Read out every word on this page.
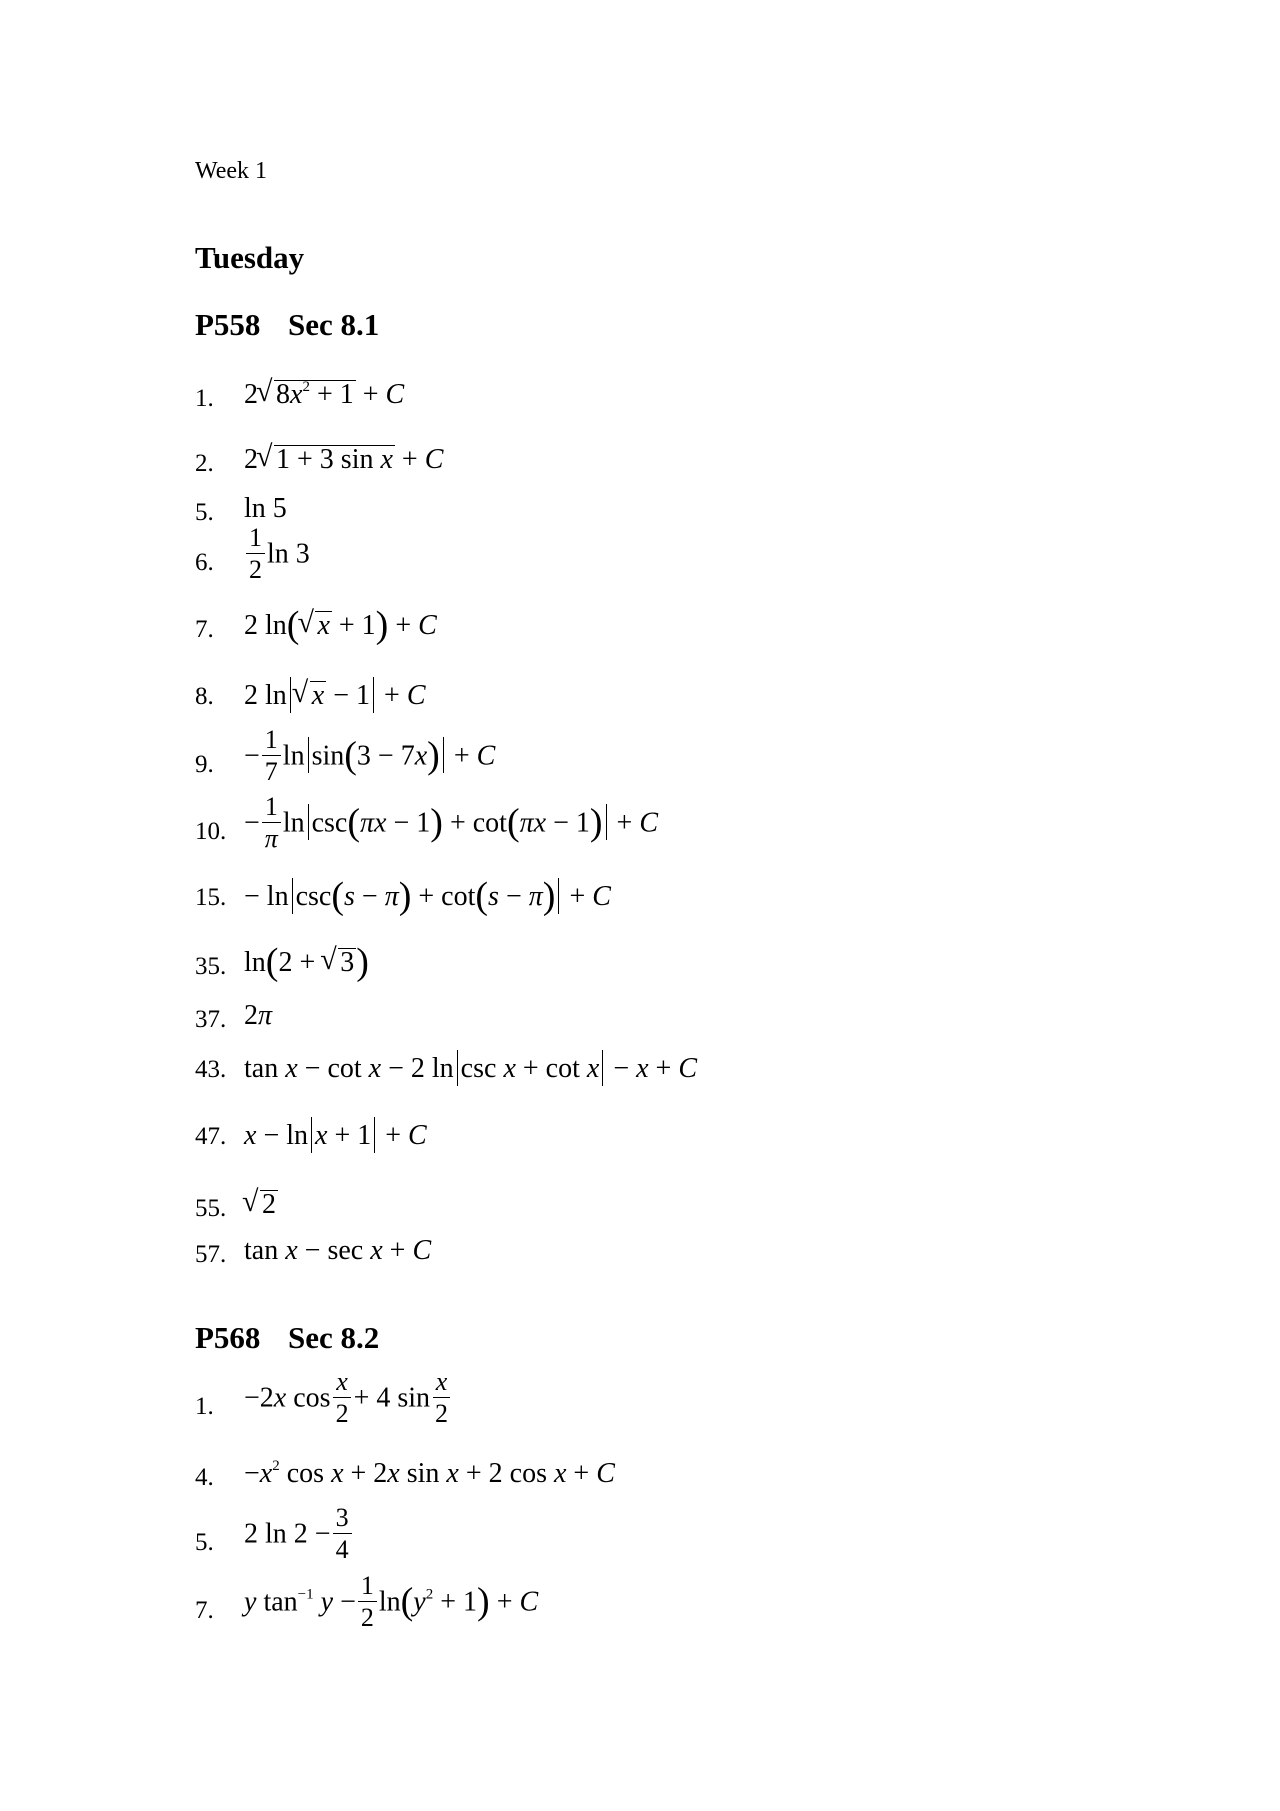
Week 1
Tuesday
P558 Sec 8.1
1. 2 √ $8x^2 + 1 + C$
2. 2 √ 1 + 3 sin x + C
5. ln 5
6. $\frac{1}{2}$ ln 3
7. 2 ln( √ x + 1) + C
8. 2 ln √ x − 1 + C
9. − $\frac{1}{7}$ ln sin(3 − 7x) + C
10. − $\frac{1}{\pi}$ ln csc(πx − 1) + cot(πx − 1) + C
15. − ln csc(s − π) + cot(s − π) + C
35. ln(2 + √ 3)
37. 2π
43. tan x − cot x − 2 ln csc x + cot x − x + C
47. x − ln x + 1 + C
55.	√ 2
57. tan x − sec x + C
P568 Sec 8.2
1. −2x $\cos \frac{x}{2} + 4$ $\sin \frac{x}{2}$
4. $-x^2$ cos x + 2x sin x + 2 cos x + C
5. 2 $\ln 2 - \frac{3}{4}$
7. y $\tan^{-1} y - \frac{1}{2} \ln(y^2 + 1) + C$
